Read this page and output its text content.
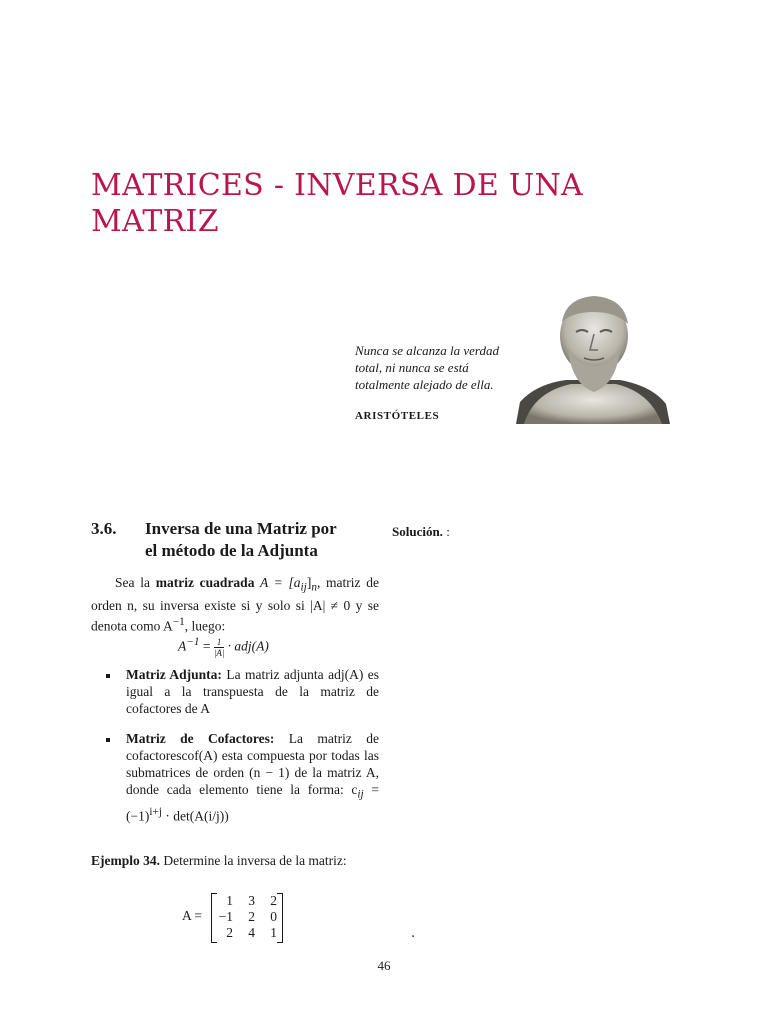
MATRICES - INVERSA DE UNA MATRIZ
Nunca se alcanza la verdad total, ni nunca se está totalmente alejado de ella.
ARISTÓTELES
3.6. Inversa de una Matriz por
el método de la Adjunta
Solución. :
Sea la matriz cuadrada $A = [a_{ij}]_n$, matriz de orden n, su inversa existe si y solo si |A| ≠ 0 y se denota como $A^{-1}$, luego:
$A^{-1} = \frac{1}{|A|} \cdot adj(A)$
Matriz Adjunta: La matriz adjunta adj(A) es igual a la transpuesta de la matriz de cofactores de A
Matriz de Cofactores: La matriz de cofactorescof(A) esta compuesta por todas las submatrices de orden (n − 1) de la matriz A, donde cada elemento tiene la forma: $c_{ij} = (-1)^{i+j} \cdot \det(A(i/j))$
Ejemplo 34. Determine la inversa de la matriz:
A =
1	3	2
−1	2	0
2	4	1	.
46
